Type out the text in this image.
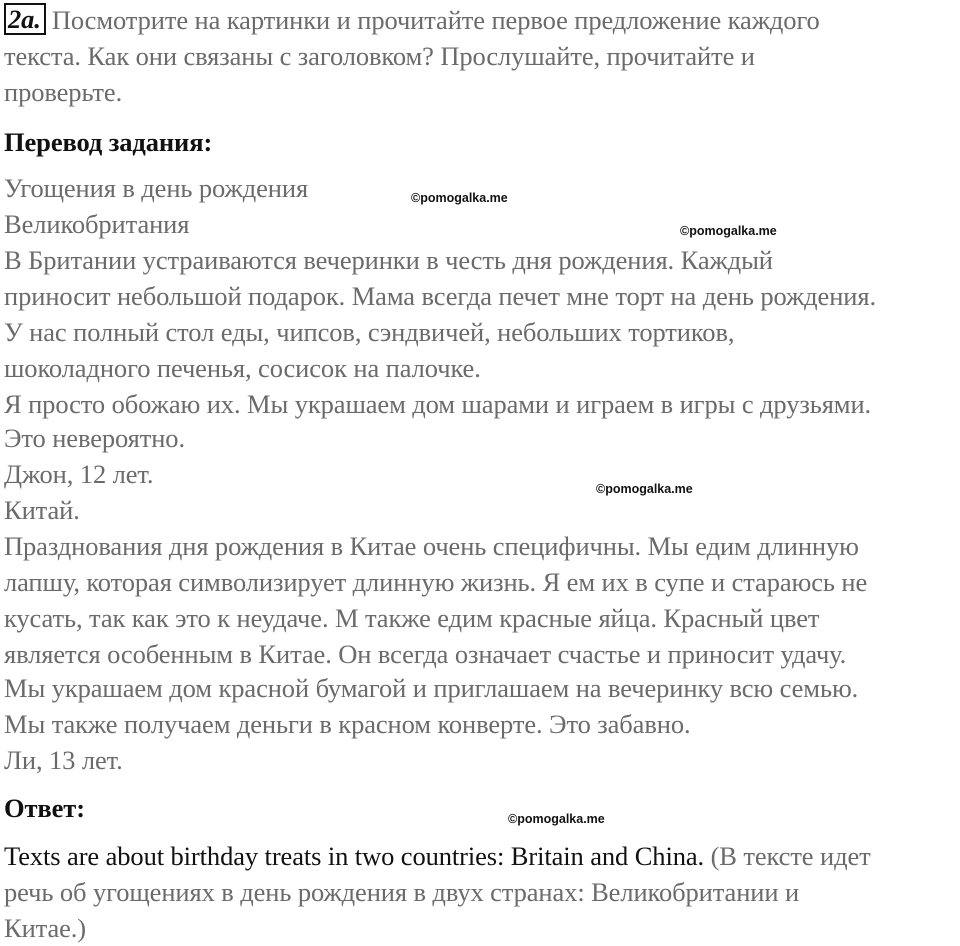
2a. Посмотрите на картинки и прочитайте первое предложение каждого
текста. Как они связаны с заголовком? Прослушайте, прочитайте и
проверьте.
Перевод задания:
Угощения в день рождения
Великобритания
В Британии устраиваются вечеринки в честь дня рождения. Каждый
приносит небольшой подарок. Мама всегда печет мне торт на день рождения.
У нас полный стол еды, чипсов, сэндвичей, небольших тортиков,
шоколадного печенья, сосисок на палочке.
Я просто обожаю их. Мы украшаем дом шарами и играем в игры с друзьями.
Это невероятно.
Джон, 12 лет.
Китай.
Празднования дня рождения в Китае очень специфичны. Мы едим длинную
лапшу, которая символизирует длинную жизнь. Я ем их в супе и стараюсь не
кусать, так как это к неудаче. М также едим красные яйца. Красный цвет
является особенным в Китае. Он всегда означает счастье и приносит удачу.
Мы украшаем дом красной бумагой и приглашаем на вечеринку всю семью.
Мы также получаем деньги в красном конверте. Это забавно.
Ли, 13 лет.
Ответ:
Texts are about birthday treats in two countries: Britain and China. (В тексте идет
речь об угощениях в день рождения в двух странах: Великобритании и
Китае.)
©pomogalka.me
©pomogalka.me
©pomogalka.me
©pomogalka.me
